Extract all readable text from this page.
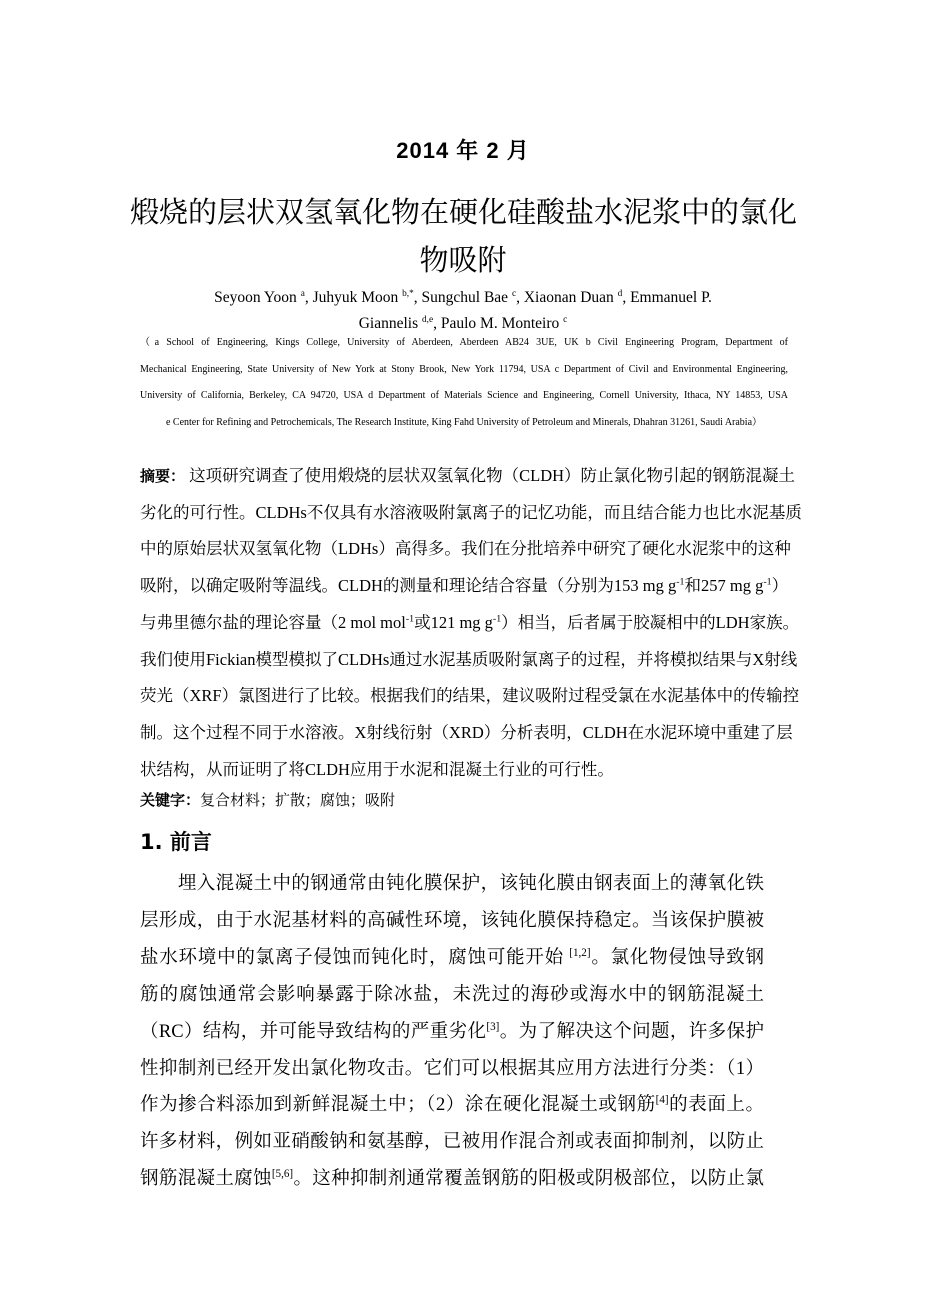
2014 年 2 月
煅烧的层状双氢氧化物在硬化硅酸盐水泥浆中的氯化
物吸附
Seyoon Yoon $^a$, Juhyuk Moon $^{b,*}$, Sungchul Bae $^c$, Xiaonan Duan $^d$, Emmanuel P.
Giannelis $^{d,e}$, Paulo M. Monteiro $^c$
（a School of Engineering, Kings College, University of Aberdeen, Aberdeen AB24 3UE, UK b Civil Engineering Program, Department of
Mechanical Engineering, State University of New York at Stony Brook, New York 11794, USA c Department of Civil and Environmental Engineering,
University of California, Berkeley, CA 94720, USA d Department of Materials Science and Engineering, Cornell University, Ithaca, NY 14853, USA
e Center for Refining and Petrochemicals, The Research Institute, King Fahd University of Petroleum and Minerals, Dhahran 31261, Saudi Arabia）
摘要： 这项研究调查了使用煅烧的层状双氢氧化物（CLDH）防止氯化物引起的钢筋混凝土
劣化的可行性。CLDHs不仅具有水溶液吸附氯离子的记忆功能，而且结合能力也比水泥基质
中的原始层状双氢氧化物（LDHs）高得多。我们在分批培养中研究了硬化水泥浆中的这种
吸附，以确定吸附等温线。CLDH的测量和理论结合容量（分别为153 mg $g^{-1}$和257 mg $g^{-1}$）
与弗里德尔盐的理论容量（2 mol mol$^{-1}$或121 mg $g^{-1}$）相当，后者属于胶凝相中的LDH家族。
我们使用Fickian模型模拟了CLDHs通过水泥基质吸附氯离子的过程，并将模拟结果与X射线
荧光（XRF）氯图进行了比较。根据我们的结果，建议吸附过程受氯在水泥基体中的传输控
制。这个过程不同于水溶液。X射线衍射（XRD）分析表明，CLDH在水泥环境中重建了层
状结构，从而证明了将CLDH应用于水泥和混凝土行业的可行性。
关键字：复合材料；扩散；腐蚀；吸附
1. 前言
　　埋入混凝土中的钢通常由钝化膜保护，该钝化膜由钢表面上的薄氧化铁
层形成，由于水泥基材料的高碱性环境，该钝化膜保持稳定。当该保护膜被
盐水环境中的氯离子侵蚀而钝化时，腐蚀可能开始 [1,2]。氯化物侵蚀导致钢
筋的腐蚀通常会影响暴露于除冰盐，未洗过的海砂或海水中的钢筋混凝土
（RC）结构，并可能导致结构的严重劣化[3]。为了解决这个问题，许多保护
性抑制剂已经开发出氯化物攻击。它们可以根据其应用方法进行分类：（1）
作为掺合料添加到新鲜混凝土中；（2）涂在硬化混凝土或钢筋[4]的表面上。
许多材料，例如亚硝酸钠和氨基醇，已被用作混合剂或表面抑制剂，以防止
钢筋混凝土腐蚀[5,6]。这种抑制剂通常覆盖钢筋的阳极或阴极部位，以防止氯
